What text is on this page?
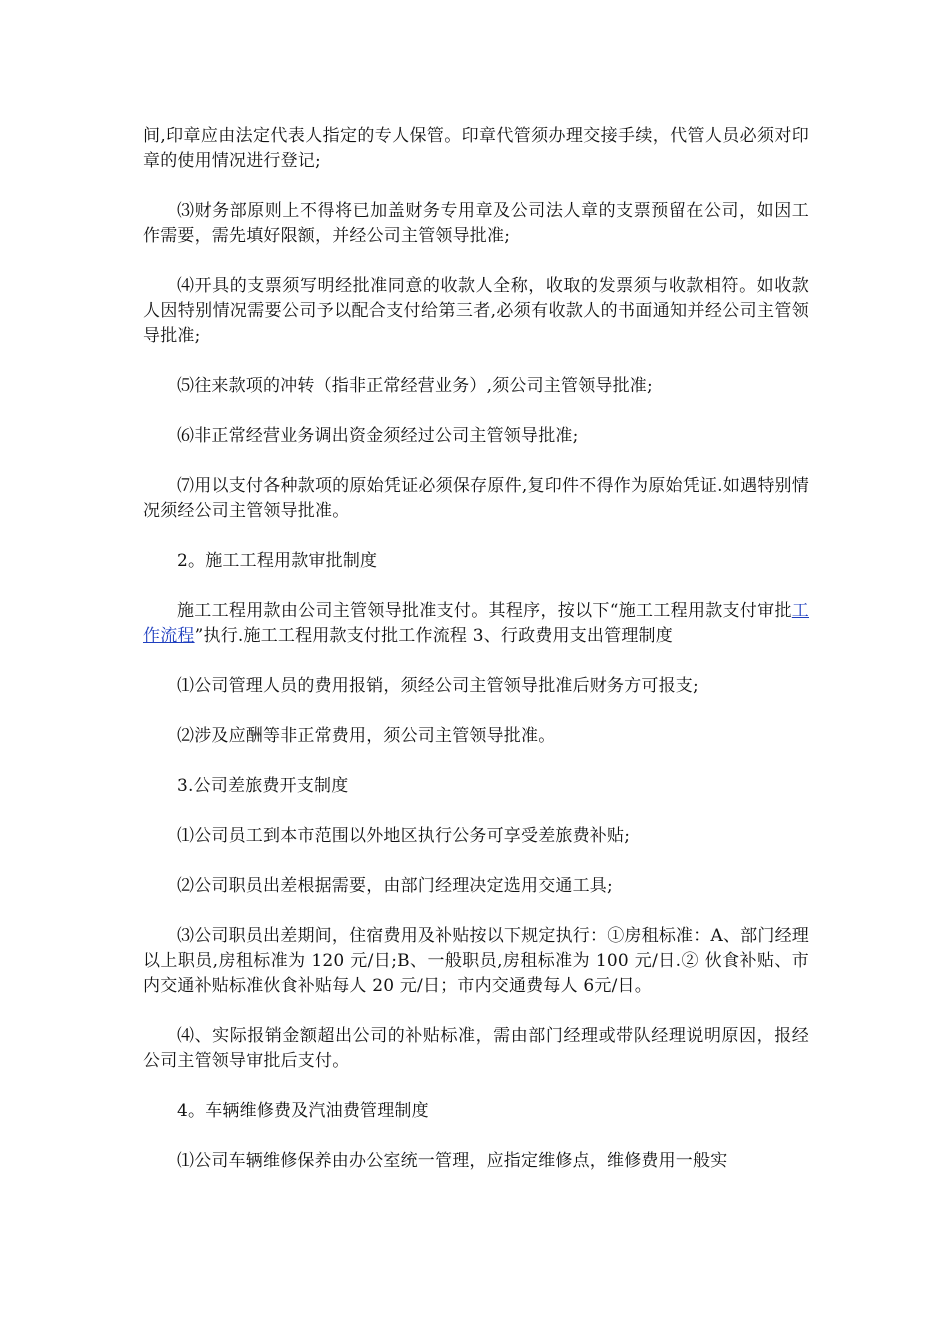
间,印章应由法定代表人指定的专人保管。印章代管须办理交接手续，代管人员必须对印章的使用情况进行登记;

⑶财务部原则上不得将已加盖财务专用章及公司法人章的支票预留在公司，如因工作需要，需先填好限额，并经公司主管领导批准;

⑷开具的支票须写明经批准同意的收款人全称，收取的发票须与收款相符。如收款人因特别情况需要公司予以配合支付给第三者,必须有收款人的书面通知并经公司主管领导批准;

⑸往来款项的冲转（指非正常经营业务）,须公司主管领导批准;

⑹非正常经营业务调出资金须经过公司主管领导批准;

⑺用以支付各种款项的原始凭证必须保存原件,复印件不得作为原始凭证.如遇特别情况须经公司主管领导批准。

2。施工工程用款审批制度

施工工程用款由公司主管领导批准支付。其程序，按以下“施工工程用款支付审批工作流程”执行.施工工程用款支付批工作流程 3、行政费用支出管理制度

⑴公司管理人员的费用报销，须经公司主管领导批准后财务方可报支;

⑵涉及应酬等非正常费用，须公司主管领导批准。

3.公司差旅费开支制度

⑴公司员工到本市范围以外地区执行公务可享受差旅费补贴;

⑵公司职员出差根据需要，由部门经理决定选用交通工具;

⑶公司职员出差期间，住宿费用及补贴按以下规定执行：①房租标准：A、部门经理以上职员,房租标准为 120 元/日;B、一般职员,房租标准为 100 元/日.② 伙食补贴、市内交通补贴标准伙食补贴每人 20 元/日；市内交通费每人 6元/日。

⑷、实际报销金额超出公司的补贴标准，需由部门经理或带队经理说明原因，报经公司主管领导审批后支付。

4。车辆维修费及汽油费管理制度

⑴公司车辆维修保养由办公室统一管理，应指定维修点，维修费用一般实
